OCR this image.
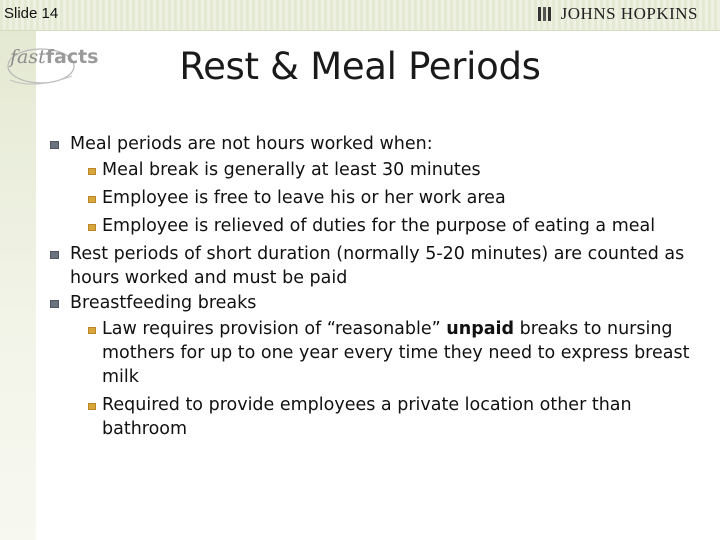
Slide 14	JOHNS HOPKINS
fastfacts	Rest & Meal Periods
Meal periods are not hours worked when:
Meal break is generally at least 30 minutes
Employee is free to leave his or her work area
Employee is relieved of duties for the purpose of eating a meal
Rest periods of short duration (normally 5-20 minutes) are counted as hours worked and must be paid
Breastfeeding breaks
Law requires provision of “reasonable” unpaid breaks to nursing mothers for up to one year every time they need to express breast milk
Required to provide employees a private location other than bathroom
